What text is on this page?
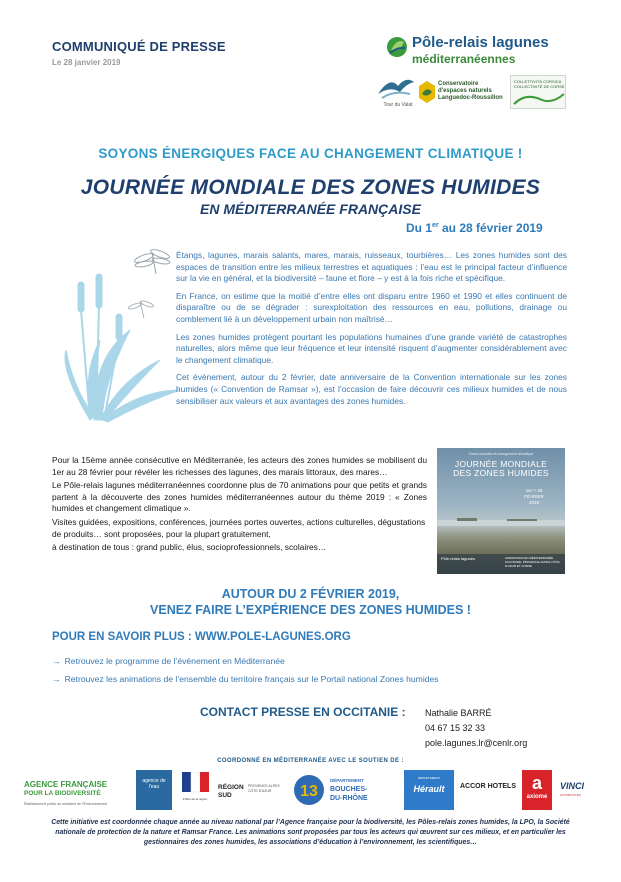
COMMUNIQUÉ DE PRESSE
Le 28 janvier 2019
Pôle-relais lagunes
méditerranéennes
Tour du Valat
Conservatoire
d'espaces naturels
Languedoc-Roussillon
COLLETTIVITÀ CORSICA
COLLECTIVITÉ DE CORSE
SOYONS ÉNERGIQUES FACE AU CHANGEMENT CLIMATIQUE !
JOURNÉE MONDIALE DES ZONES HUMIDES
EN MÉDITERRANÉE FRANÇAISE
Du 1er au 28 février 2019

Étangs, lagunes, marais salants, mares, marais, ruisseaux, tourbières… Les zones humides sont des espaces de transition entre les milieux terrestres et aquatiques : l’eau est le principal facteur d’influence sur la vie en général, et la biodiversité – faune et flore – y est à la fois riche et spécifique.

En France, on estime que la moitié d’entre elles ont disparu entre 1960 et 1990 et elles continuent de disparaître ou de se dégrader : surexploitation des ressources en eau, pollutions, drainage ou comblement lié à un développement urbain non maîtrisé…

Les zones humides protègent pourtant les populations humaines d’une grande variété de catastrophes naturelles, alors même que leur fréquence et leur intensité risquent d’augmenter considérablement avec le changement climatique.

Cet évènement, autour du 2 février, date anniversaire de la Convention internationale sur les zones humides (« Convention de Ramsar »), est l’occasion de faire découvrir ces milieux humides et de nous sensibiliser aux valeurs et aux avantages des zones humides.

Pour la 15ème année consécutive en Méditerranée, les acteurs des zones humides se mobilisent du 1er au 28 février pour révéler les richesses des lagunes, des marais littoraux, des mares…

Le Pôle-relais lagunes méditerranéennes coordonne plus de 70 animations pour que petits et grands partent à la découverte des zones humides méditerranéennes autour du thème 2019 : « Zones humides et changement climatique ».

Visites guidées, expositions, conférences, journées portes ouvertes, actions culturelles, dégustations de produits… sont proposées, pour la plupart gratuitement,

à destination de tous : grand public, élus, socioprofessionnels, scolaires…

Zones humides et changement climatique
JOURNÉE MONDIALE
DES ZONES HUMIDES
1er > 28
FÉVRIER
2019
Pôle-relais lagunes	ANIMATIONS EN MÉDITERRANÉE
OCCITANIE, PROVENCE-ALPES-CÔTE
D'AZUR ET CORSE
AUTOUR DU 2 FÉVRIER 2019,
VENEZ FAIRE L’EXPÉRIENCE DES ZONES HUMIDES !
POUR EN SAVOIR PLUS : WWW.POLE-LAGUNES.ORG
→ Retrouvez le programme de l’évènement en Méditerranée
→ Retrouvez les animations de l’ensemble du territoire français sur le Portail national Zones humides
CONTACT PRESSE EN OCCITANIE : Nathalie BARRÉ
04 67 15 32 33
pole.lagunes.lr@cenlr.org
COORDONNÉ EN MÉDITERRANÉE AVEC LE SOUTIEN DE :
AGENCE FRANÇAISE
POUR LA BIODIVERSITÉ
Établissement public du ministère de l’Environnement
agence de l'eau
Préfet de la région
RÉGION
SUD
PROVENCE ALPES CÔTE D'AZUR	13
DÉPARTEMENT
BOUCHES-
DU-RHÔNE
DÉPARTEMENT
Hérault	ACCOR HOTELS a
axiome
VINCI
AUTOROUTES
Cette initiative est coordonnée chaque année au niveau national par l’Agence française pour la biodiversité, les Pôles-relais zones humides, la LPO, la Société nationale de protection de la nature et Ramsar France. Les animations sont proposées par tous les acteurs qui œuvrent sur ces milieux, et en particulier les gestionnaires des zones humides, les associations d’éducation à l’environnement, les scientifiques…
